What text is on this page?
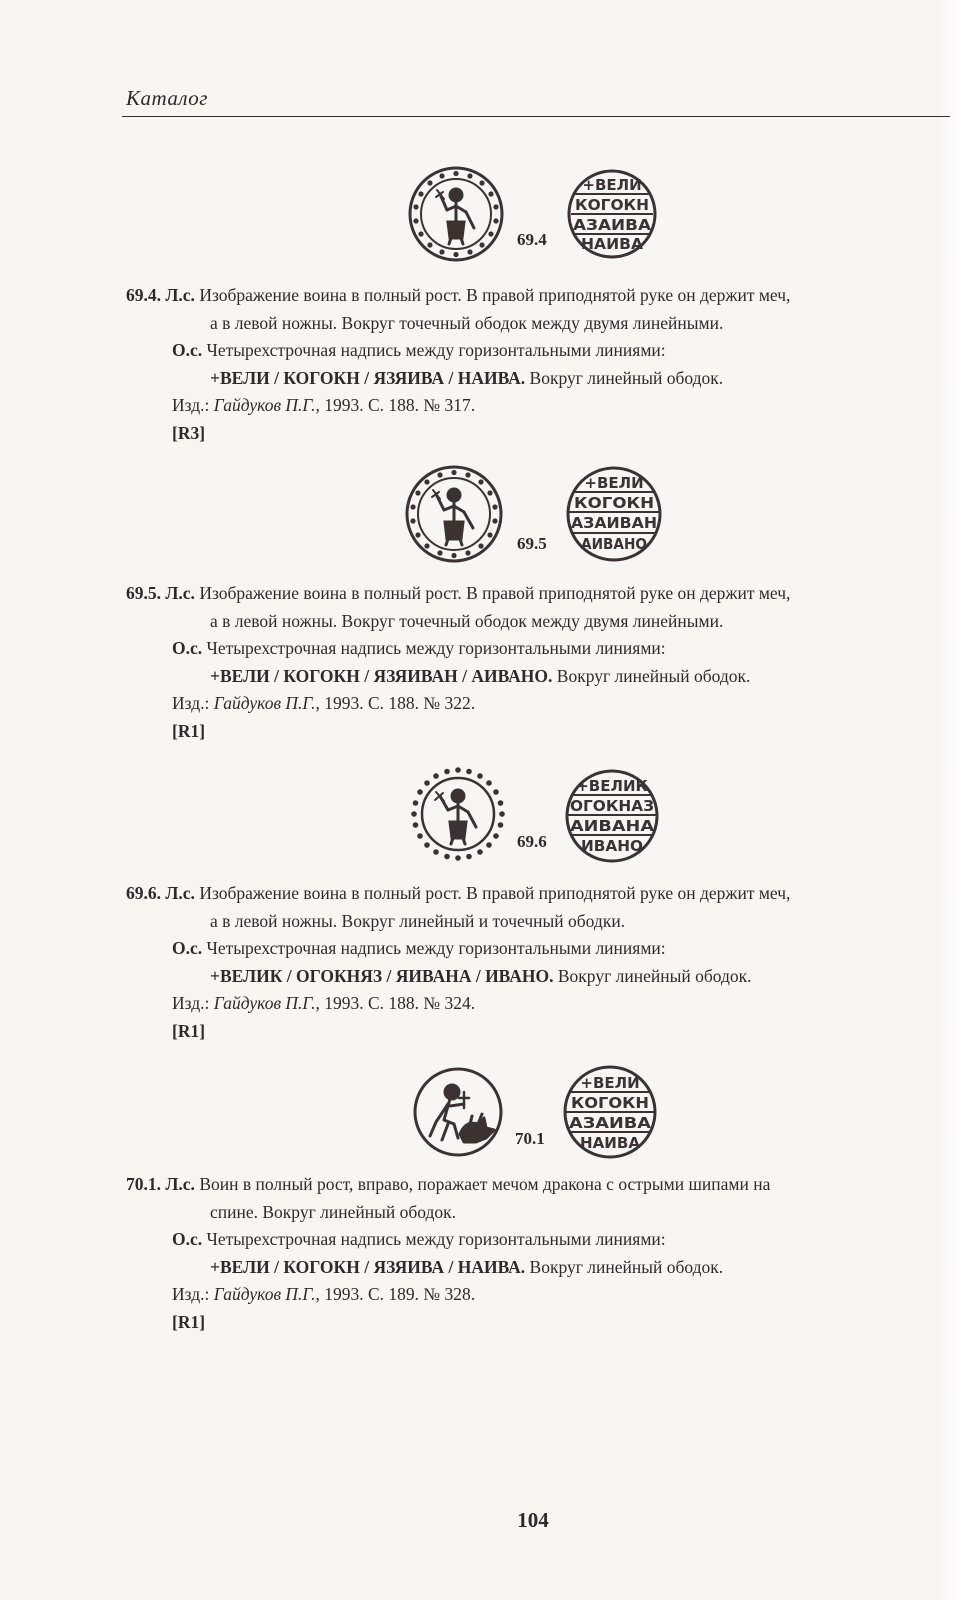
Каталог
+ВЕЛИ
КОГОКН
АЗАИВА
НАИВА
69.4
69.4. Л.с. Изображение воина в полный рост. В правой приподнятой руке он держит меч,
а в левой ножны. Вокруг точечный ободок между двумя линейными.
О.с. Четырехстрочная надпись между горизонтальными линиями:
+ВЕЛИ / КОГОКН / ЯЗЯИВА / НАИВА. Вокруг линейный ободок.
Изд.: Гайдуков П.Г., 1993. С. 188. № 317.
[R3]
+ВЕЛИ
КОГОКН
АЗАИВАН
АИВАНО
69.5
69.5. Л.с. Изображение воина в полный рост. В правой приподнятой руке он держит меч,
а в левой ножны. Вокруг точечный ободок между двумя линейными.
О.с. Четырехстрочная надпись между горизонтальными линиями:
+ВЕЛИ / КОГОКН / ЯЗЯИВАН / АИВАНО. Вокруг линейный ободок.
Изд.: Гайдуков П.Г., 1993. С. 188. № 322.
[R1]
+ВЕЛИК
ОГОКНАЗ
АИВАНА
ИВАНО
69.6
69.6. Л.с. Изображение воина в полный рост. В правой приподнятой руке он держит меч,
а в левой ножны. Вокруг линейный и точечный ободки.
О.с. Четырехстрочная надпись между горизонтальными линиями:
+ВЕЛИК / ОГОКНЯЗ / ЯИВАНА / ИВАНО. Вокруг линейный ободок.
Изд.: Гайдуков П.Г., 1993. С. 188. № 324.
[R1]
+ВЕЛИ
КОГОКН
АЗАИВА
НАИВА
70.1
70.1. Л.с. Воин в полный рост, вправо, поражает мечом дракона с острыми шипами на
спине. Вокруг линейный ободок.
О.с. Четырехстрочная надпись между горизонтальными линиями:
+ВЕЛИ / КОГОКН / ЯЗЯИВА / НАИВА. Вокруг линейный ободок.
Изд.: Гайдуков П.Г., 1993. С. 189. № 328.
[R1]
104
